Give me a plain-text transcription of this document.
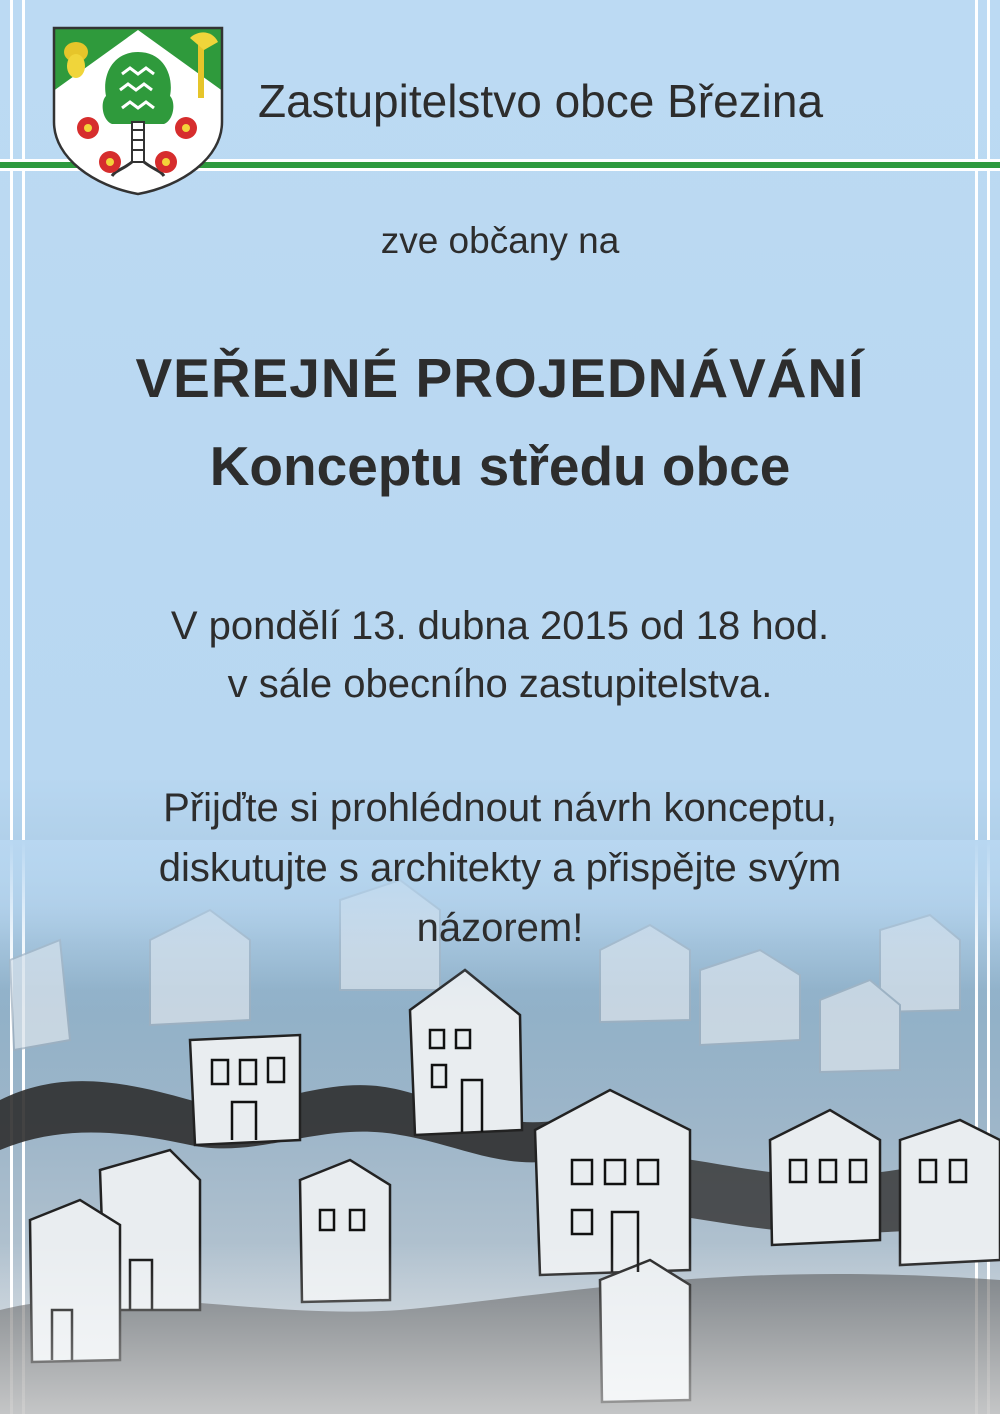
Zastupitelstvo obce Březina
zve občany na
VEŘEJNÉ PROJEDNÁVÁNÍ
Konceptu středu obce
V pondělí 13. dubna 2015 od 18 hod.
v sále obecního zastupitelstva.
Přijďte si prohlédnout návrh konceptu,
diskutujte s architekty a přispějte svým
názorem!
